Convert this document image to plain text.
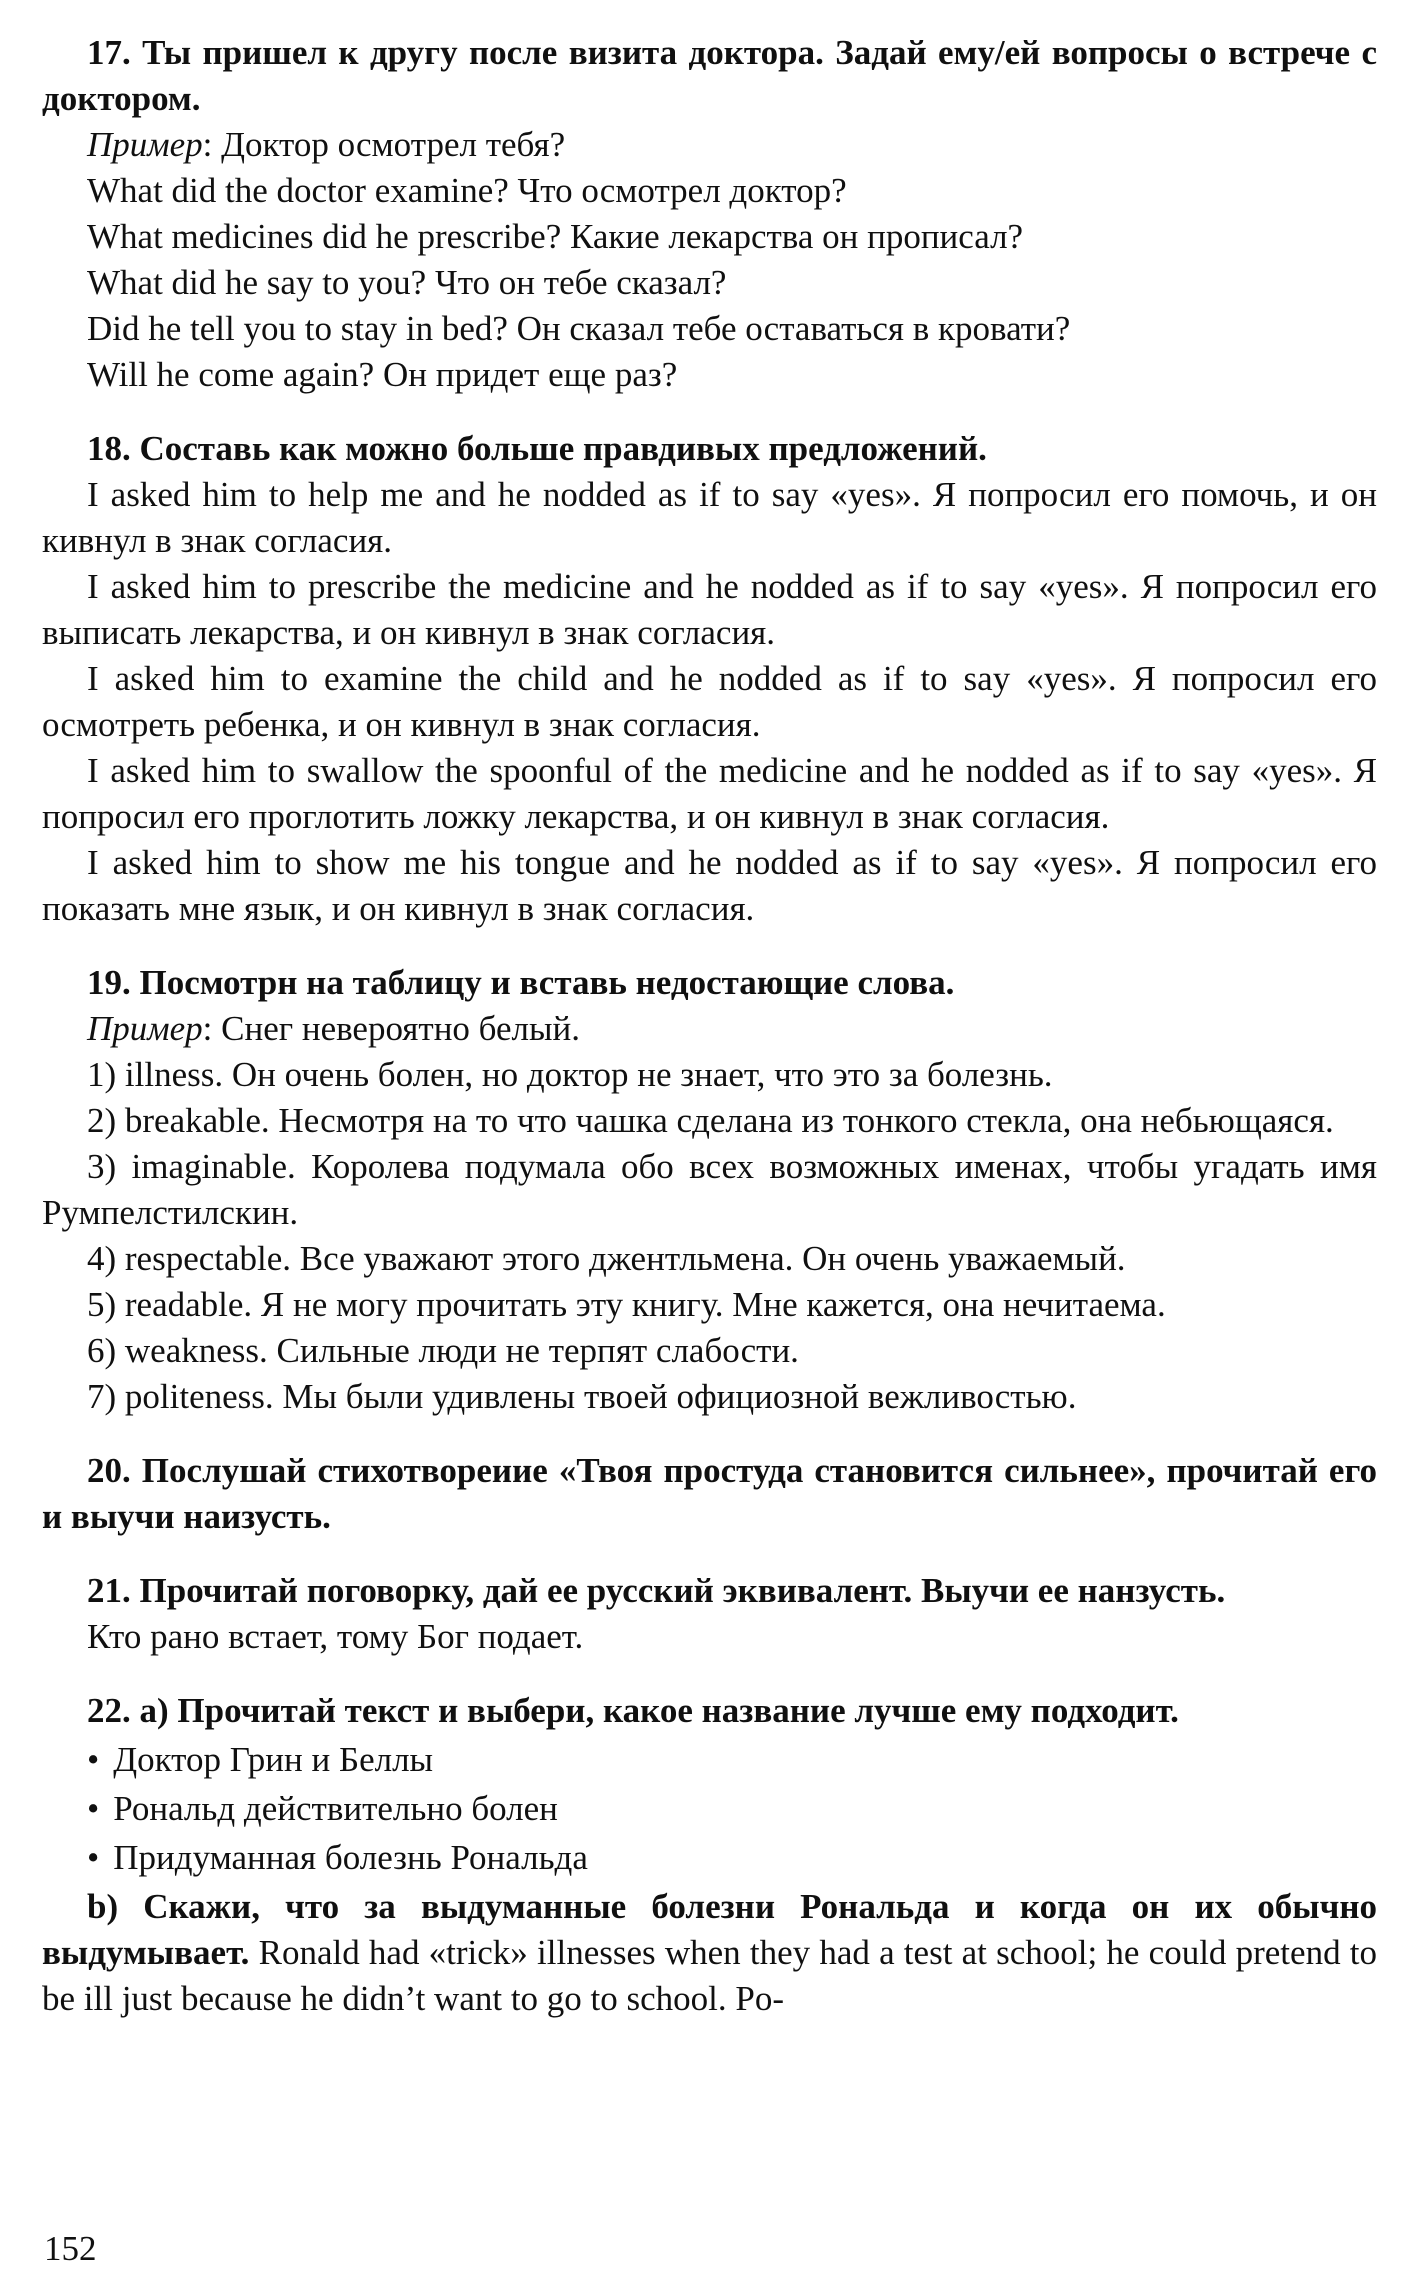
17. Ты пришел к другу после визита доктора. Задай ему/ей вопросы о встрече с доктором.

Пример: Доктор осмотрел тебя?

What did the doctor examine? Что осмотрел доктор?

What medicines did he prescribe? Какие лекарства он прописал?

What did he say to you? Что он тебе сказал?

Did he tell you to stay in bed? Он сказал тебе оставаться в кровати?

Will he come again? Он придет еще раз?

18. Составь как можно больше правдивых предложений.

I asked him to help me and he nodded as if to say «yes». Я попросил его помочь, и он кивнул в знак согласия.

I asked him to prescribe the medicine and he nodded as if to say «yes». Я попросил его выписать лекарства, и он кивнул в знак согласия.

I asked him to examine the child and he nodded as if to say «yes». Я попросил его осмотреть ребенка, и он кивнул в знак согласия.

I asked him to swallow the spoonful of the medicine and he nodded as if to say «yes». Я попросил его проглотить ложку лекарства, и он кивнул в знак согласия.

I asked him to show me his tongue and he nodded as if to say «yes». Я попросил его показать мне язык, и он кивнул в знак согласия.

19. Посмотрн на таблицу и вставь недостающие слова.

Пример: Снег невероятно белый.

1) illness. Он очень болен, но доктор не знает, что это за болезнь.

2) breakable. Несмотря на то что чашка сделана из тонкого стекла, она небьющаяся.

3) imaginable. Королева подумала обо всех возможных именах, чтобы угадать имя Румпелстилскин.

4) respectable. Все уважают этого джентльмена. Он очень уважаемый.

5) readable. Я не могу прочитать эту книгу. Мне кажется, она нечитаема.

6) weakness. Сильные люди не терпят слабости.

7) politeness. Мы были удивлены твоей официозной вежливостью.

20. Послушай стихотвореиие «Твоя простуда становится сильнее», прочитай его и выучи наизусть.

21. Прочитай поговорку, дай ее русский эквивалент. Выучи ее нанзусть.

Кто рано встает, тому Бог подает.

22. а) Прочитай текст и выбери, какое название лучше ему подходит.

• Доктор Грин и Беллы

• Рональд действительно болен

• Придуманная болезнь Рональда

b) Скажи, что за выдуманные болезни Рональда и когда он их обычно выдумывает. Ronald had «trick» illnesses when they had a test at school; he could pretend to be ill just because he didn’t want to go to school. Po-

152
